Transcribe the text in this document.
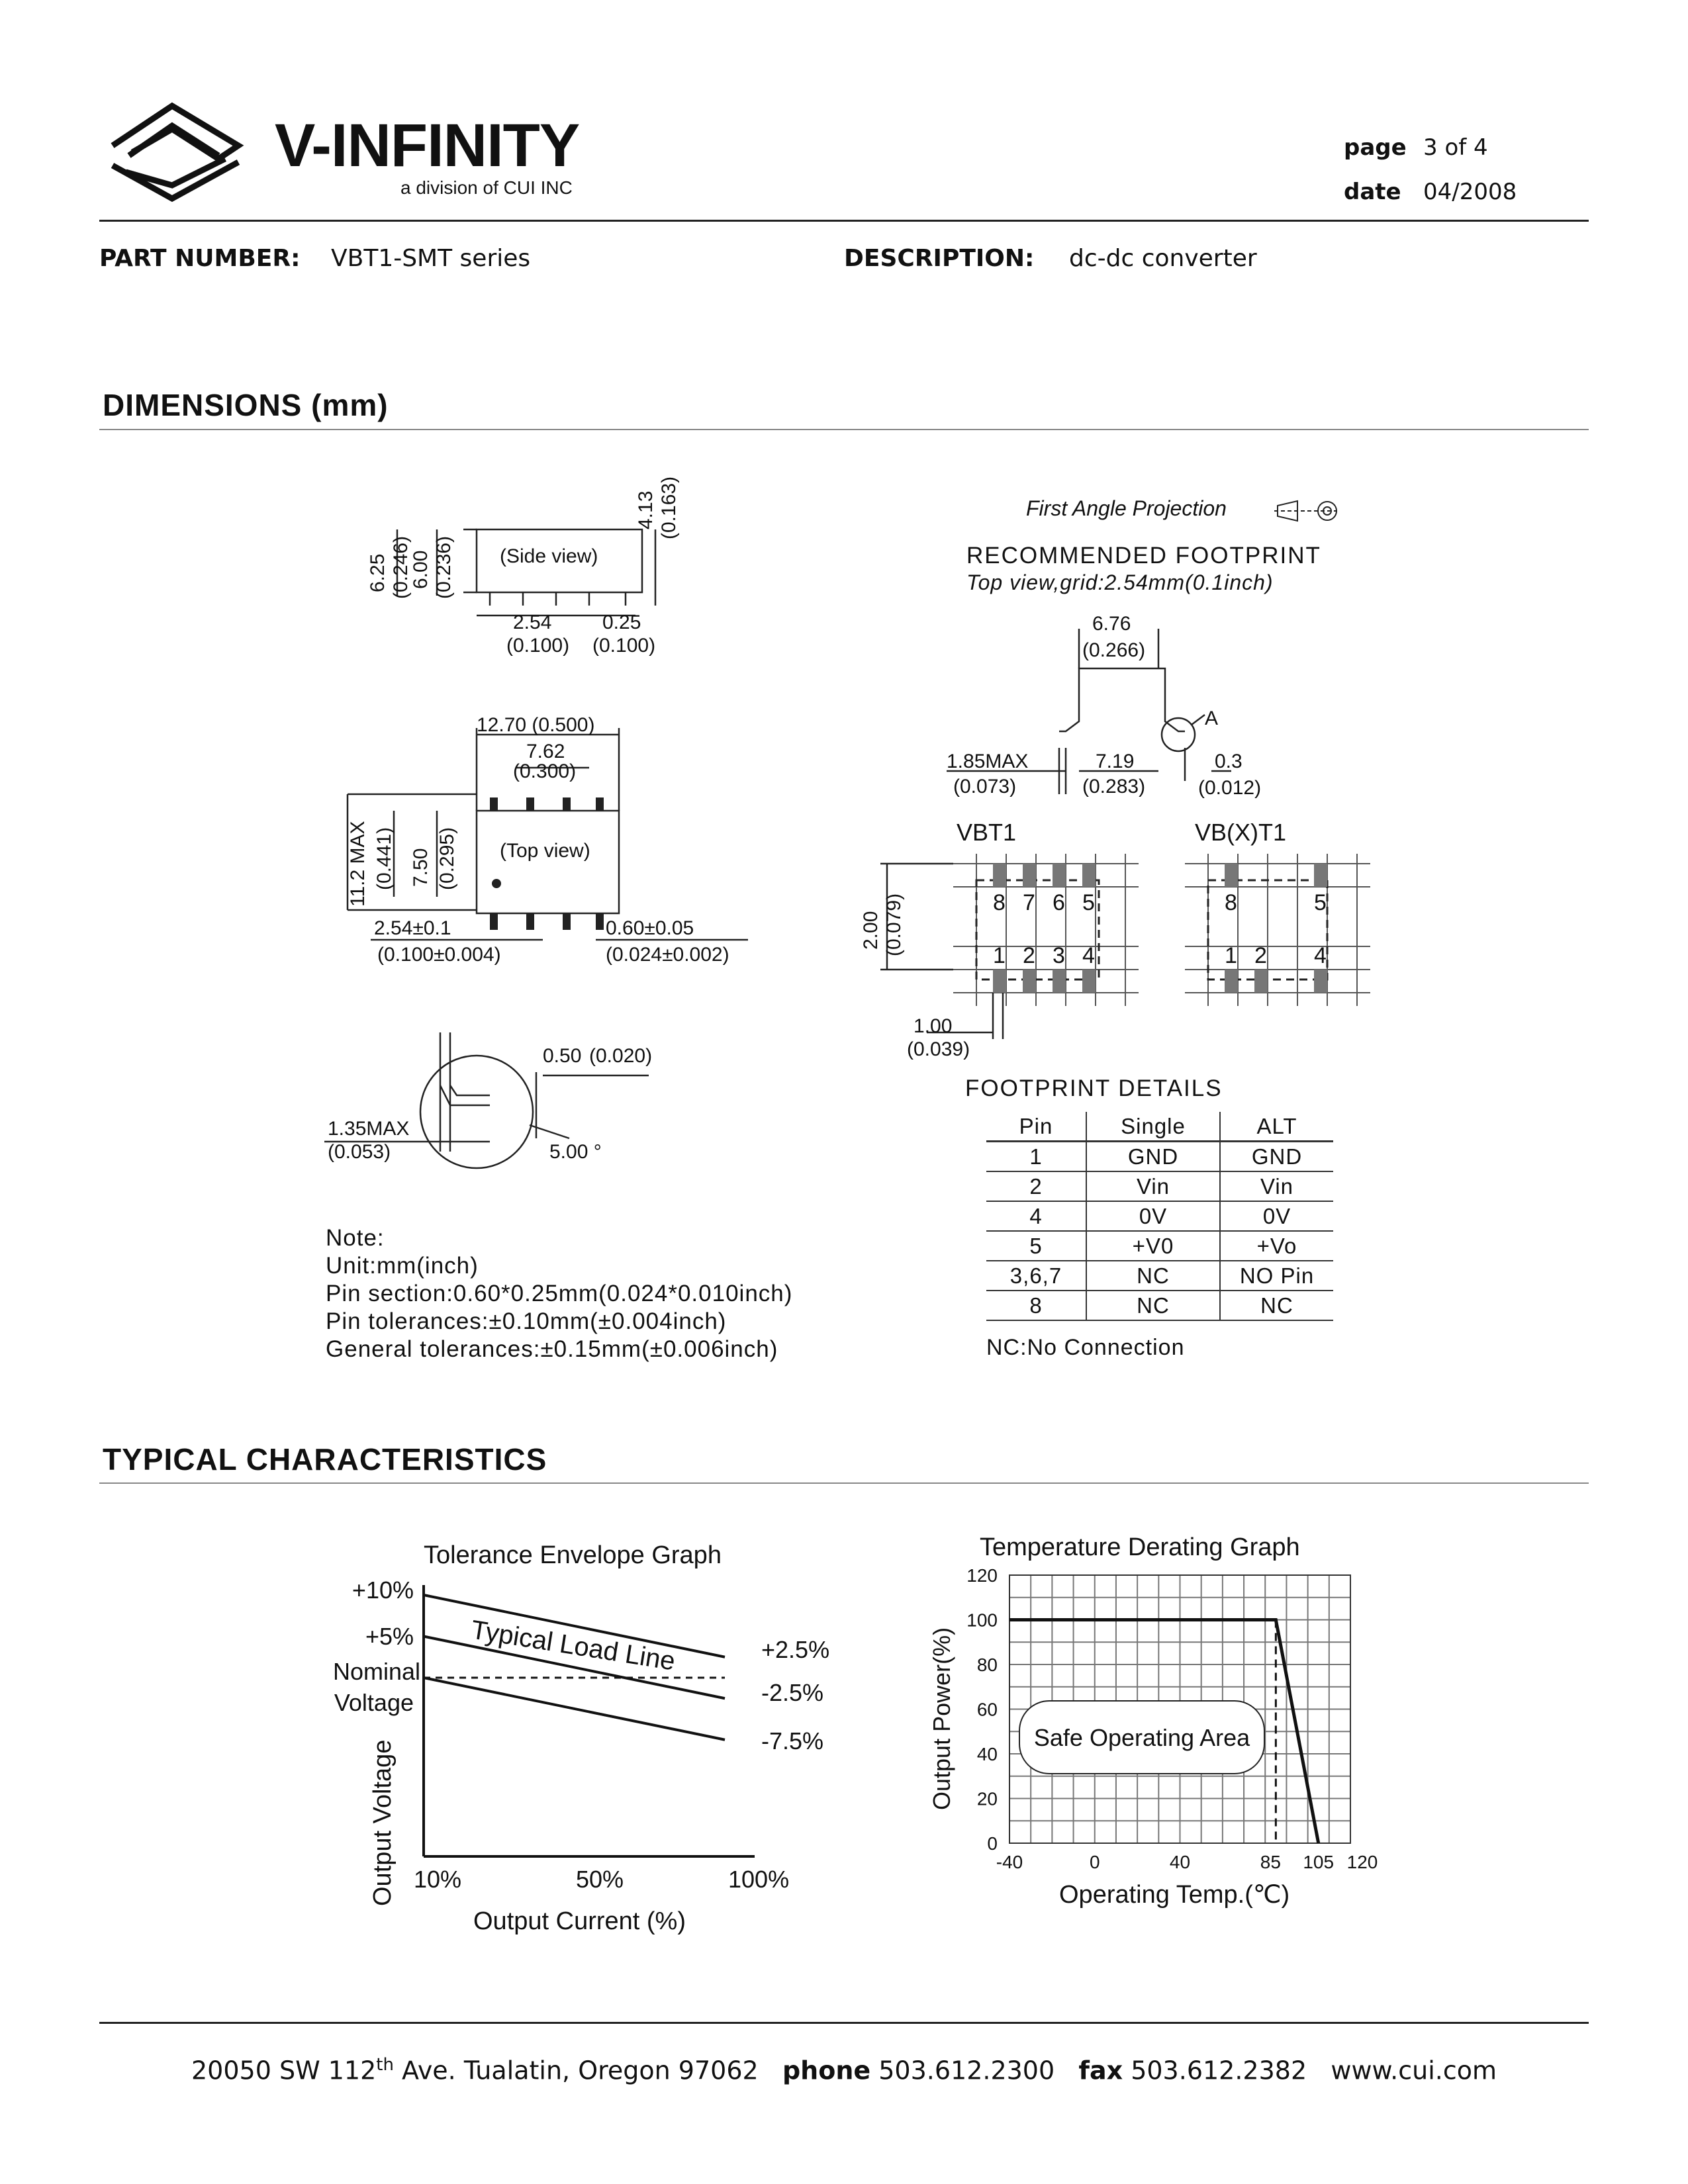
V-INFINITY
a division of CUI INC
page 3 of 4
date 04/2008
PART NUMBER: VBT1-SMT series	DESCRIPTION: dc-dc converter
DIMENSIONS (mm)
(Side view)
(Top view)
2.54
(0.100)
0.25
(0.100)
12.70 (0.500)
7.62
(0.300)
2.54±0.1
(0.100±0.004)
0.60±0.05
(0.024±0.002)
0.50 (0.020)
1.35MAX
(0.053)	5.00 °
6.25 (0.246)
6.00 (0.236)
4.13 (0.163)
11.2 MAX (0.441) 7.50 (0.295)
Note:
Unit:mm(inch)
Pin section:0.60*0.25mm(0.024*0.010inch)
Pin tolerances:±0.10mm(±0.004inch)
General tolerances:±0.15mm(±0.006inch)
First Angle Projection
RECOMMENDED FOOTPRINT
Top view,grid:2.54mm(0.1inch)
6.76
(0.266)
1.85MAX
(0.073)
7.19
(0.283)
0.3
(0.012)
A
VBT1	VB(X)T1
1.00
(0.039)
2.00 (0.079)	8 7 6 5
1 2 3 4
8	5
1 2 4
FOOTPRINT DETAILS
Pin	Single	ALT
1	GND	GND
2	Vin	Vin
4	0V	0V
5	+V0	+Vo
3,6,7	NC	NO Pin
8	NC	NC
NC:No Connection
TYPICAL CHARACTERISTICS
Tolerance Envelope Graph
+10%
+5%
Nominal
Voltage
+2.5%
-2.5%
-7.5%
10%	50%	100%
Output Current (%)
Output Voltage
Typical Load Line
Temperature Derating Graph
0
20
40
60
80
100
120
-40	0	40	85 105 120
Safe Operating Area
Operating Temp.(℃)
Output Power(%)
20050 SW 112th Ave. Tualatin, Oregon 97062 phone 503.612.2300 fax 503.612.2382 www.cui.com
